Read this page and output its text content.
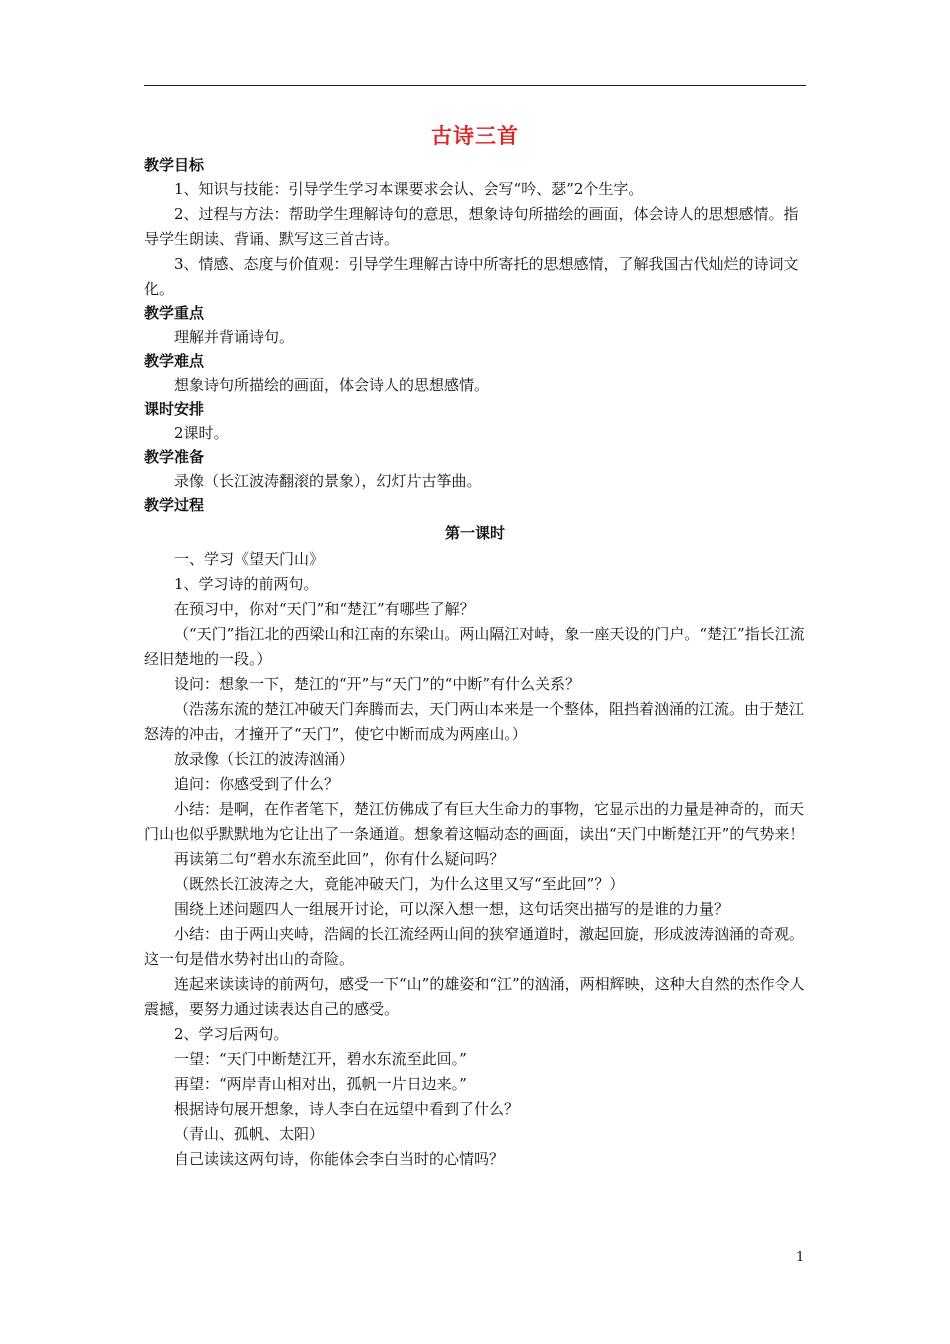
古诗三首
教学目标
1、知识与技能：引导学生学习本课要求会认、会写“吟、瑟”2个生字。
2、过程与方法：帮助学生理解诗句的意思，想象诗句所描绘的画面，体会诗人的思想感情。指导学生朗读、背诵、默写这三首古诗。
3、情感、态度与价值观：引导学生理解古诗中所寄托的思想感情，了解我国古代灿烂的诗词文化。
教学重点
理解并背诵诗句。
教学难点
想象诗句所描绘的画面，体会诗人的思想感情。
课时安排
2课时。
教学准备
录像（长江波涛翻滚的景象），幻灯片古筝曲。
教学过程
第一课时
一、学习《望天门山》
1、学习诗的前两句。
在预习中，你对“天门”和“楚江”有哪些了解？
（“天门”指江北的西梁山和江南的东梁山。两山隔江对峙，象一座天设的门户。“楚江”指长江流经旧楚地的一段。）
设问：想象一下，楚江的“开”与“天门”的“中断”有什么关系？
（浩荡东流的楚江冲破天门奔腾而去，天门两山本来是一个整体，阻挡着汹涌的江流。由于楚江怒涛的冲击，才撞开了“天门”，使它中断而成为两座山。）
放录像（长江的波涛汹涌）
追问：你感受到了什么？
小结：是啊，在作者笔下，楚江仿佛成了有巨大生命力的事物，它显示出的力量是神奇的，而天门山也似乎默默地为它让出了一条通道。想象着这幅动态的画面，读出“天门中断楚江开”的气势来！
再读第二句“碧水东流至此回”，你有什么疑问吗？
（既然长江波涛之大，竟能冲破天门，为什么这里又写“至此回”？）
围绕上述问题四人一组展开讨论，可以深入想一想，这句话突出描写的是谁的力量？
小结：由于两山夹峙，浩阔的长江流经两山间的狭窄通道时，激起回旋，形成波涛汹涌的奇观。这一句是借水势衬出山的奇险。
连起来读读诗的前两句，感受一下“山”的雄姿和“江”的汹涌，两相辉映，这种大自然的杰作令人震撼，要努力通过读表达自己的感受。
2、学习后两句。
一望：“天门中断楚江开，碧水东流至此回。”
再望：“两岸青山相对出，孤帆一片日边来。”
根据诗句展开想象，诗人李白在远望中看到了什么？
（青山、孤帆、太阳）
自己读读这两句诗，你能体会李白当时的心情吗？
1
